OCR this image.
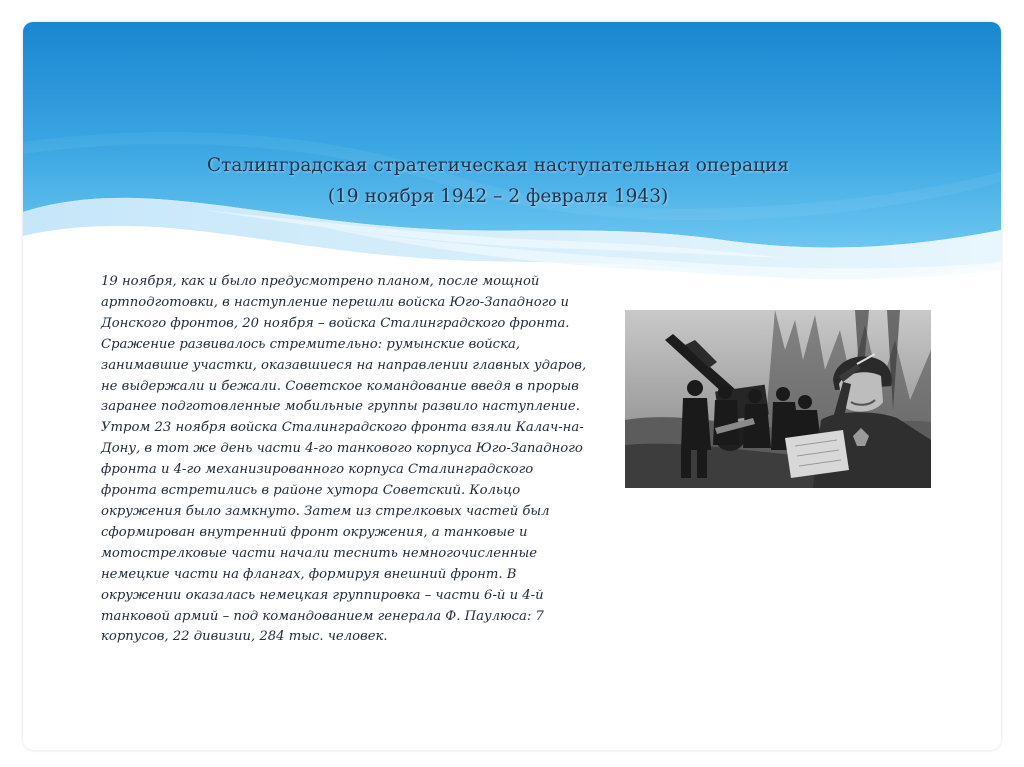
Сталинградская стратегическая наступательная операция
(19 ноября 1942 – 2 февраля 1943)
19 ноября, как и было предусмотрено планом, после мощной
артподготовки, в наступление перешли войска Юго-Западного и
Донского фронтов, 20 ноября – войска Сталинградского фронта.
Сражение развивалось стремительно: румынские войска,
занимавшие участки, оказавшиеся на направлении главных ударов,
не выдержали и бежали. Советское командование введя в прорыв
заранее подготовленные мобильные группы развило наступление.
Утром 23 ноября войска Сталинградского фронта взяли Калач-на-
Дону, в тот же день части 4-го танкового корпуса Юго-Западного
фронта и 4-го механизированного корпуса Сталинградского
фронта встретились в районе хутора Советский. Кольцо
окружения было замкнуто. Затем из стрелковых частей был
сформирован внутренний фронт окружения, а танковые и
мотострелковые части начали теснить немногочисленные
немецкие части на флангах, формируя внешний фронт. В
окружении оказалась немецкая группировка – части 6-й и 4-й
танковой армий – под командованием генерала Ф. Паулюса: 7
корпусов, 22 дивизии, 284 тыс. человек.
